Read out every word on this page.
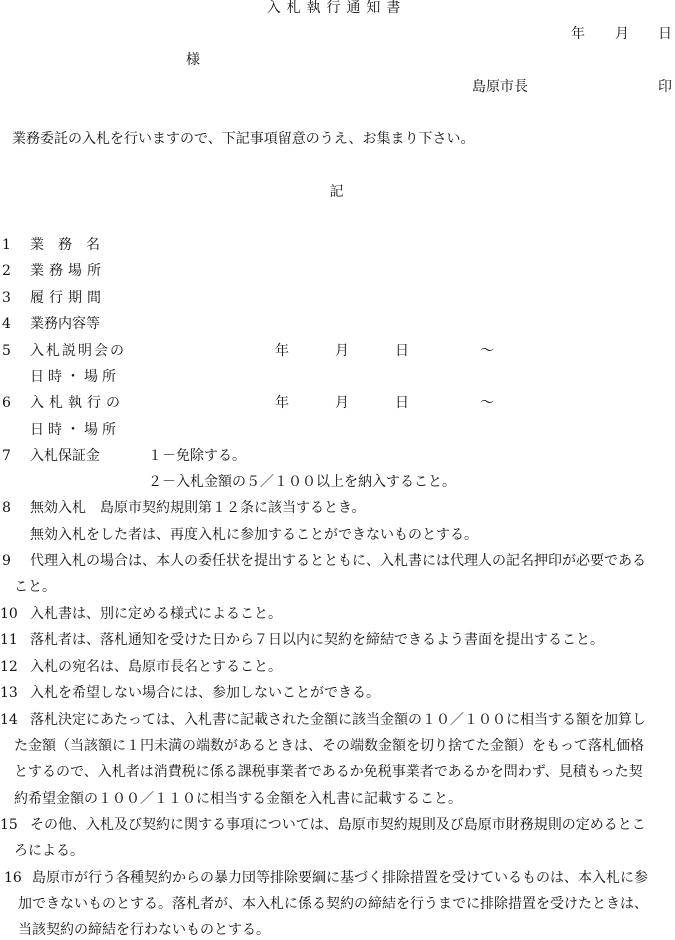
入札執行通知書
年 月 日
様
島原市長	印
業務委託の入札を行いますので、下記事項留意のうえ、お集まり下さい。
記
1 業　務　名
2 業務場所
3 履行期間
4 業務内容等
5 入札説明会の
日時・場所
年	月	日	～
6 入札執行の
日時・場所
年	月	日	～
7 入札保証金	１－免除する。
２－入札金額の５／１００以上を納入すること。
8 無効入札　島原市契約規則第１２条に該当するとき。
無効入札をした者は、再度入札に参加することができないものとする。
9 代理入札の場合は、本人の委任状を提出するとともに、入札書には代理人の記名押印が必要である
こと。
10 入札書は、別に定める様式によること。
11 落札者は、落札通知を受けた日から７日以内に契約を締結できるよう書面を提出すること。
12 入札の宛名は、島原市長名とすること。
13 入札を希望しない場合には、参加しないことができる。
14 落札決定にあたっては、入札書に記載された金額に該当金額の１０／１００に相当する額を加算し
た金額（当該額に１円未満の端数があるときは、その端数金額を切り捨てた金額）をもって落札価格
とするので、入札者は消費税に係る課税事業者であるか免税事業者であるかを問わず、見積もった契
約希望金額の１００／１１０に相当する金額を入札書に記載すること。
15 その他、入札及び契約に関する事項については、島原市契約規則及び島原市財務規則の定めるとこ
ろによる。
16 島原市が行う各種契約からの暴力団等排除要綱に基づく排除措置を受けているものは、本入札に参
加できないものとする。落札者が、本入札に係る契約の締結を行うまでに排除措置を受けたときは、
当該契約の締結を行わないものとする。
